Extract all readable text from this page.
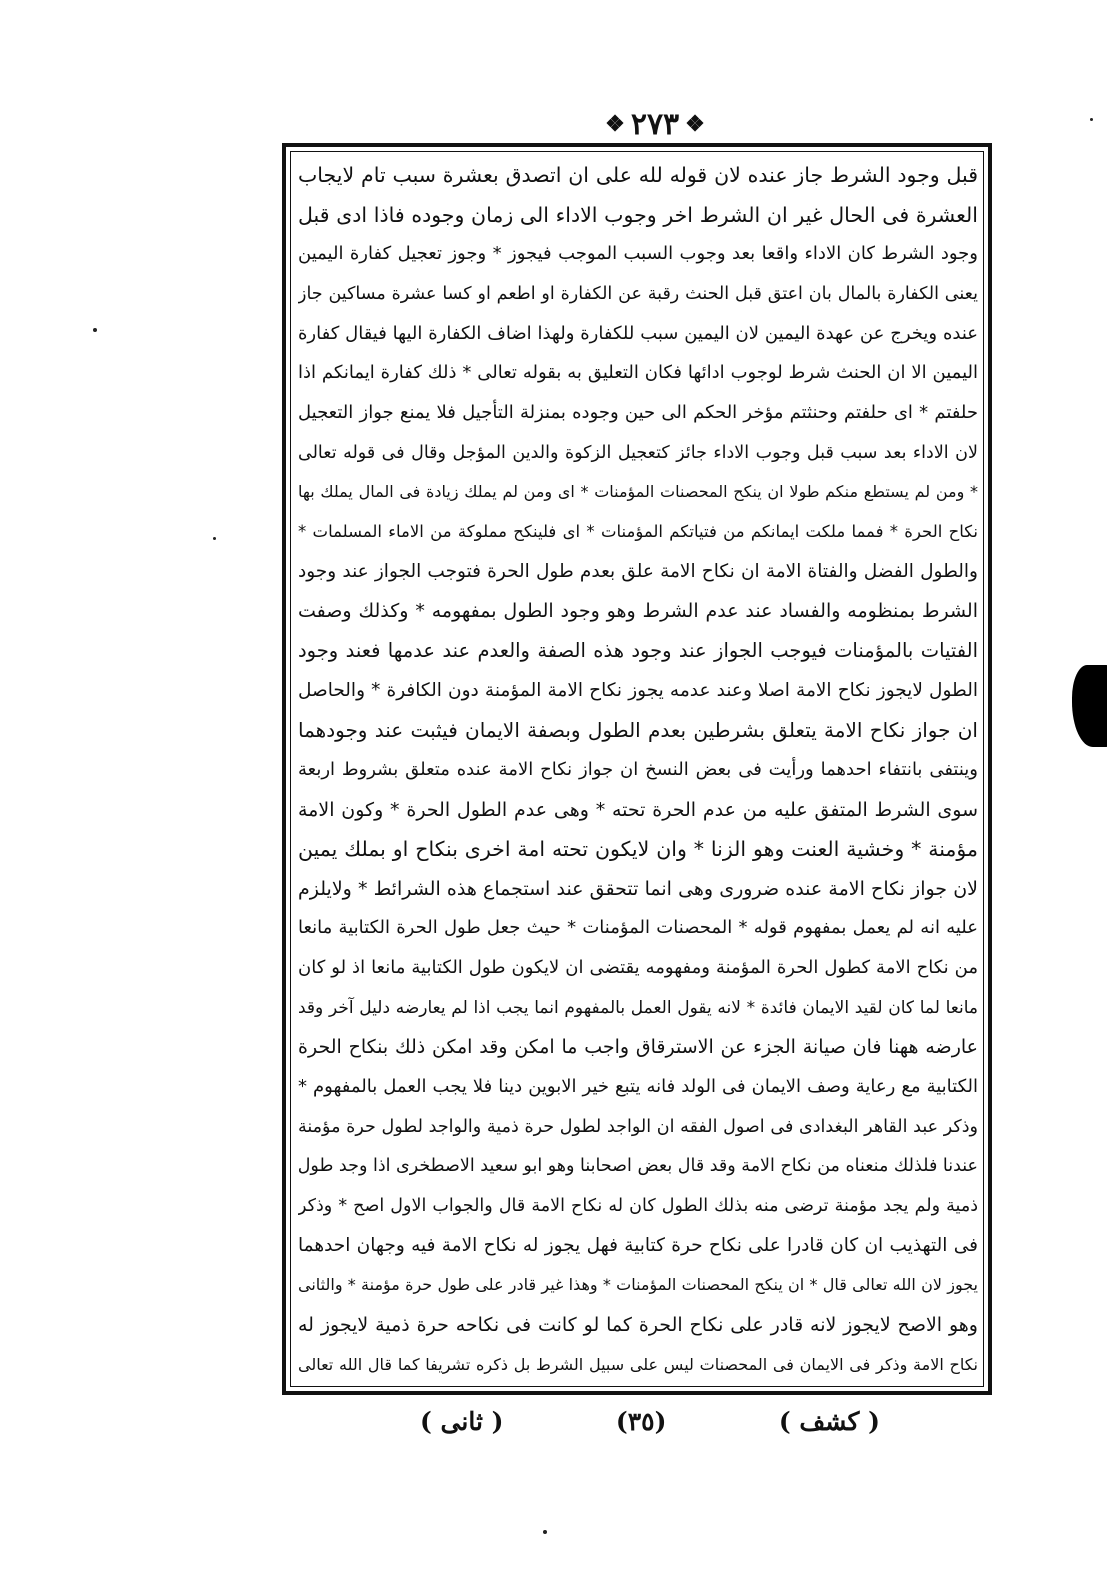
❖
٢٧٣
❖
قبل وجود الشرط جاز عنده لان قوله لله علی ان اتصدق بعشرة سبب تام لايجاب
العشرة فی الحال غير ان الشرط اخر وجوب الاداء الی زمان وجوده فاذا ادی قبل
وجود الشرط كان الاداء واقعا بعد وجوب السبب الموجب فيجوز * وجوز تعجيل كفارة اليمين
يعنی الكفارة بالمال بان اعتق قبل الحنث رقبة عن الكفارة او اطعم او كسا عشرة مساكين جاز
عنده ويخرج عن عهدة اليمين لان اليمين سبب للكفارة ولهذا اضاف الكفارة اليها فيقال كفارة
اليمين الا ان الحنث شرط لوجوب ادائها فكان التعليق به بقوله تعالی * ذلك كفارة ايمانكم اذا
حلفتم * ای حلفتم وحنثتم مؤخر الحكم الی حين وجوده بمنزلة التأجيل فلا يمنع جواز التعجيل
لان الاداء بعد سبب قبل وجوب الاداء جائز كتعجيل الزكوة والدين المؤجل وقال فی قوله تعالی
* ومن لم يستطع منكم طولا ان ينكح المحصنات المؤمنات * ای ومن لم يملك زيادة فی المال يملك بها
نكاح الحرة * فمما ملكت ايمانكم من فتياتكم المؤمنات * ای فلينكح مملوكة من الاماء المسلمات *
والطول الفضل والفتاة الامة ان نكاح الامة علق بعدم طول الحرة فتوجب الجواز عند وجود
الشرط بمنظومه والفساد عند عدم الشرط وهو وجود الطول بمفهومه * وكذلك وصفت
الفتيات بالمؤمنات فيوجب الجواز عند وجود هذه الصفة والعدم عند عدمها فعند وجود
الطول لايجوز نكاح الامة اصلا وعند عدمه يجوز نكاح الامة المؤمنة دون الكافرة * والحاصل
ان جواز نكاح الامة يتعلق بشرطين بعدم الطول وبصفة الايمان فيثبت عند وجودهما
وينتفی بانتفاء احدهما ورأيت فی بعض النسخ ان جواز نكاح الامة عنده متعلق بشروط اربعة
سوی الشرط المتفق عليه من عدم الحرة تحته * وهی عدم الطول الحرة * وكون الامة
مؤمنة * وخشية العنت وهو الزنا * وان لايكون تحته امة اخری بنكاح او بملك يمين
لان جواز نكاح الامة عنده ضروری وهی انما تتحقق عند استجماع هذه الشرائط * ولايلزم
عليه انه لم يعمل بمفهوم قوله * المحصنات المؤمنات * حيث جعل طول الحرة الكتابية مانعا
من نكاح الامة كطول الحرة المؤمنة ومفهومه يقتضی ان لايكون طول الكتابية مانعا اذ لو كان
مانعا لما كان لقيد الايمان فائدة * لانه يقول العمل بالمفهوم انما يجب اذا لم يعارضه دليل آخر وقد
عارضه ههنا فان صيانة الجزء عن الاسترقاق واجب ما امكن وقد امكن ذلك بنكاح الحرة
الكتابية مع رعاية وصف الايمان فی الولد فانه يتبع خير الابوين دينا فلا يجب العمل بالمفهوم *
وذكر عبد القاهر البغدادی فی اصول الفقه ان الواجد لطول حرة ذمية والواجد لطول حرة مؤمنة
عندنا فلذلك منعناه من نكاح الامة وقد قال بعض اصحابنا وهو ابو سعيد الاصطخری اذا وجد طول
ذمية ولم يجد مؤمنة ترضی منه بذلك الطول كان له نكاح الامة قال والجواب الاول اصح * وذكر
فی التهذيب ان كان قادرا علی نكاح حرة كتابية فهل يجوز له نكاح الامة فيه وجهان احدهما
يجوز لان الله تعالی قال * ان ينكح المحصنات المؤمنات * وهذا غير قادر علی طول حرة مؤمنة * والثانی
وهو الاصح لايجوز لانه قادر علی نكاح الحرة كما لو كانت فی نكاحه حرة ذمية لايجوز له
نكاح الامة وذكر فی الايمان فی المحصنات ليس علی سبيل الشرط بل ذكره تشريفا كما قال الله تعالی
( كشف )
(٣٥)
( ثانی )
